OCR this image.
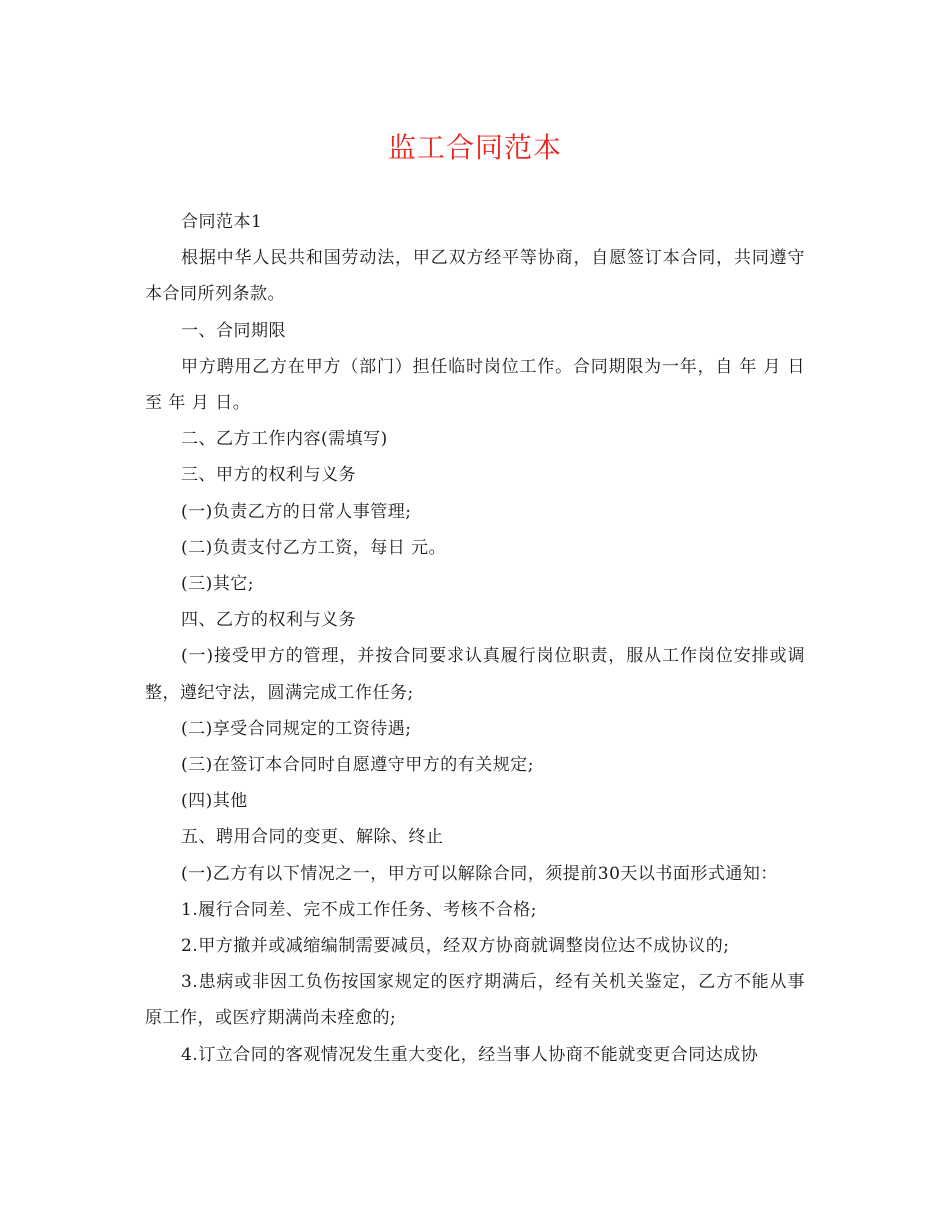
监工合同范本

合同范本1

根据中华人民共和国劳动法，甲乙双方经平等协商，自愿签订本合同，共同遵守本合同所列条款。

一、合同期限

甲方聘用乙方在甲方（部门）担任临时岗位工作。合同期限为一年，自 年 月 日至 年 月 日。

二、乙方工作内容(需填写)

三、甲方的权利与义务

(一)负责乙方的日常人事管理;

(二)负责支付乙方工资，每日 元。

(三)其它;

四、乙方的权利与义务

(一)接受甲方的管理，并按合同要求认真履行岗位职责，服从工作岗位安排或调整，遵纪守法，圆满完成工作任务;

(二)享受合同规定的工资待遇;

(三)在签订本合同时自愿遵守甲方的有关规定;

(四)其他

五、聘用合同的变更、解除、终止

(一)乙方有以下情况之一，甲方可以解除合同，须提前30天以书面形式通知：

1.履行合同差、完不成工作任务、考核不合格;

2.甲方撤并或减缩编制需要减员，经双方协商就调整岗位达不成协议的;

3.患病或非因工负伤按国家规定的医疗期满后，经有关机关鉴定，乙方不能从事原工作，或医疗期满尚未痊愈的;

4.订立合同的客观情况发生重大变化，经当事人协商不能就变更合同达成协
